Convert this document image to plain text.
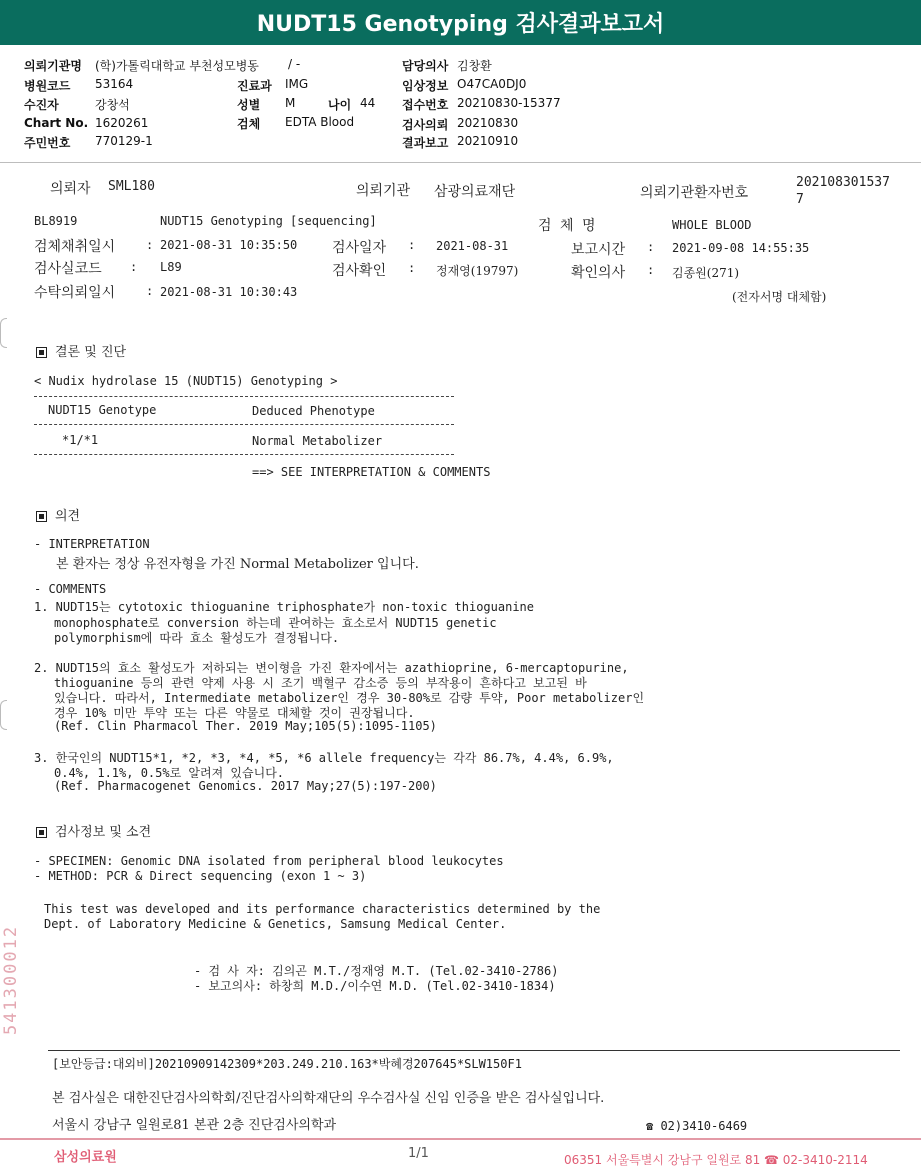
NUDT15 Genotyping 검사결과보고서
의뢰기관명 (학)가톨릭대학교 부천성모병동 / -	담당의사 김창환
병원코드 53164	진료과 IMG	임상정보 O47CA0DJ0
수진자	강창석	성별 M	나이 44 접수번호 20210830-15377
Chart No. 1620261	검체 EDTA Blood	검사의뢰 20210830
주민번호 770129-1	결과보고 20210910
의뢰자 SML180	의뢰기관 삼광의료재단	의뢰기관환자번호
202108301537
7
BL8919	NUDT15 Genotyping [sequencing]	검 체 명	WHOLE BLOOD
검체채취일시	: 2021-08-31 10:35:50 검사일자 : 2021-08-31	보고시간 : 2021-09-08 14:55:35
검사실코드 : L89	검사확인 : 정재영(19797)	확인의사 : 김종원(271)
수탁의뢰일시	: 2021-08-31 10:30:43	(전자서명 대체함)
결론 및 진단
< Nudix hydrolase 15 (NUDT15) Genotyping >
NUDT15 Genotype	Deduced Phenotype
*1/*1	Normal Metabolizer
==> SEE INTERPRETATION & COMMENTS
의견
- INTERPRETATION
본 환자는 정상 유전자형을 가진 Normal Metabolizer 입니다.
- COMMENTS
1. NUDT15는 cytotoxic thioguanine triphosphate가 non-toxic thioguanine
monophosphate로 conversion 하는데 관여하는 효소로서 NUDT15 genetic
polymorphism에 따라 효소 활성도가 결정됩니다.
2. NUDT15의 효소 활성도가 저하되는 변이형을 가진 환자에서는 azathioprine, 6-mercaptopurine,
thioguanine 등의 관련 약제 사용 시 조기 백혈구 감소증 등의 부작용이 흔하다고 보고된 바
있습니다. 따라서, Intermediate metabolizer인 경우 30-80%로 감량 투약, Poor metabolizer인
경우 10% 미만 투약 또는 다른 약물로 대체할 것이 권장됩니다.
(Ref. Clin Pharmacol Ther. 2019 May;105(5):1095-1105)
3. 한국인의 NUDT15*1, *2, *3, *4, *5, *6 allele frequency는 각각 86.7%, 4.4%, 6.9%,
0.4%, 1.1%, 0.5%로 알려져 있습니다.
(Ref. Pharmacogenet Genomics. 2017 May;27(5):197-200)
검사정보 및 소견
- SPECIMEN: Genomic DNA isolated from peripheral blood leukocytes
- METHOD: PCR & Direct sequencing (exon 1 ~ 3)
This test was developed and its performance characteristics determined by the
Dept. of Laboratory Medicine & Genetics, Samsung Medical Center.
- 검 사 자: 김의곤 M.T./정재영 M.T. (Tel.02-3410-2786)
- 보고의사: 하창희 M.D./이수연 M.D. (Tel.02-3410-1834)
541300012
[보안등급:대외비]20210909142309*203.249.210.163*박혜경207645*SLW150F1
본 검사실은 대한진단검사의학회/진단검사의학재단의 우수검사실 신임 인증을 받은 검사실입니다.
서울시 강남구 일원로81 본관 2층 진단검사의학과	☎ 02)3410-6469
삼성의료원	1/1	06351 서울특별시 강남구 일원로 81 ☎ 02-3410-2114
